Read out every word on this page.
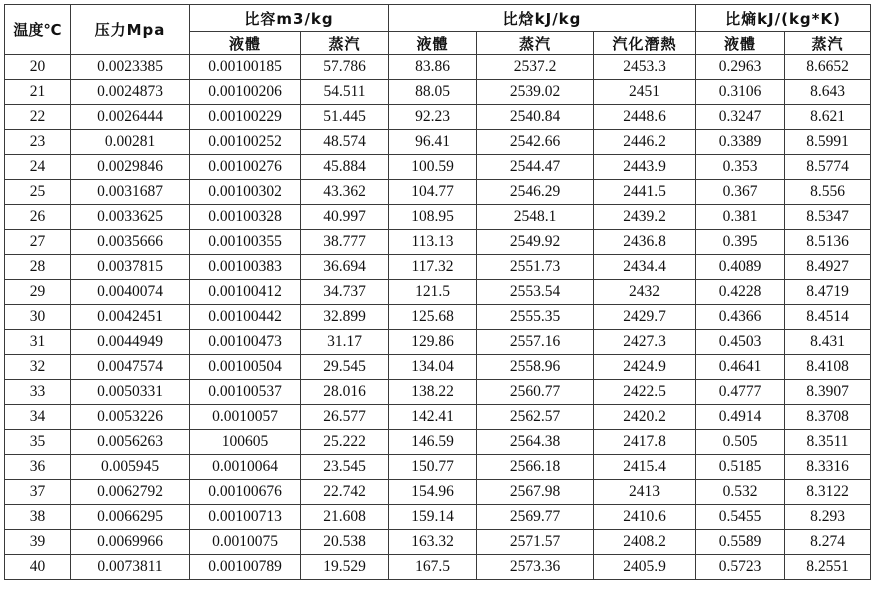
温度℃	压力Mpa	比容m3/kg		比焓kJ/kg			比熵kJ/(kg*K)	
		液體	蒸汽	液體	蒸汽	汽化潛熱	液體	蒸汽
20	0.0023385	0.00100185	57.786	83.86	2537.2	2453.3	0.2963	8.6652
21	0.0024873	0.00100206	54.511	88.05	2539.02	2451	0.3106	8.643
22	0.0026444	0.00100229	51.445	92.23	2540.84	2448.6	0.3247	8.621
23	0.00281	0.00100252	48.574	96.41	2542.66	2446.2	0.3389	8.5991
24	0.0029846	0.00100276	45.884	100.59	2544.47	2443.9	0.353	8.5774
25	0.0031687	0.00100302	43.362	104.77	2546.29	2441.5	0.367	8.556
26	0.0033625	0.00100328	40.997	108.95	2548.1	2439.2	0.381	8.5347
27	0.0035666	0.00100355	38.777	113.13	2549.92	2436.8	0.395	8.5136
28	0.0037815	0.00100383	36.694	117.32	2551.73	2434.4	0.4089	8.4927
29	0.0040074	0.00100412	34.737	121.5	2553.54	2432	0.4228	8.4719
30	0.0042451	0.00100442	32.899	125.68	2555.35	2429.7	0.4366	8.4514
31	0.0044949	0.00100473	31.17	129.86	2557.16	2427.3	0.4503	8.431
32	0.0047574	0.00100504	29.545	134.04	2558.96	2424.9	0.4641	8.4108
33	0.0050331	0.00100537	28.016	138.22	2560.77	2422.5	0.4777	8.3907
34	0.0053226	0.0010057	26.577	142.41	2562.57	2420.2	0.4914	8.3708
35	0.0056263	100605	25.222	146.59	2564.38	2417.8	0.505	8.3511
36	0.005945	0.0010064	23.545	150.77	2566.18	2415.4	0.5185	8.3316
37	0.0062792	0.00100676	22.742	154.96	2567.98	2413	0.532	8.3122
38	0.0066295	0.00100713	21.608	159.14	2569.77	2410.6	0.5455	8.293
39	0.0069966	0.0010075	20.538	163.32	2571.57	2408.2	0.5589	8.274
40	0.0073811	0.00100789	19.529	167.5	2573.36	2405.9	0.5723	8.2551
